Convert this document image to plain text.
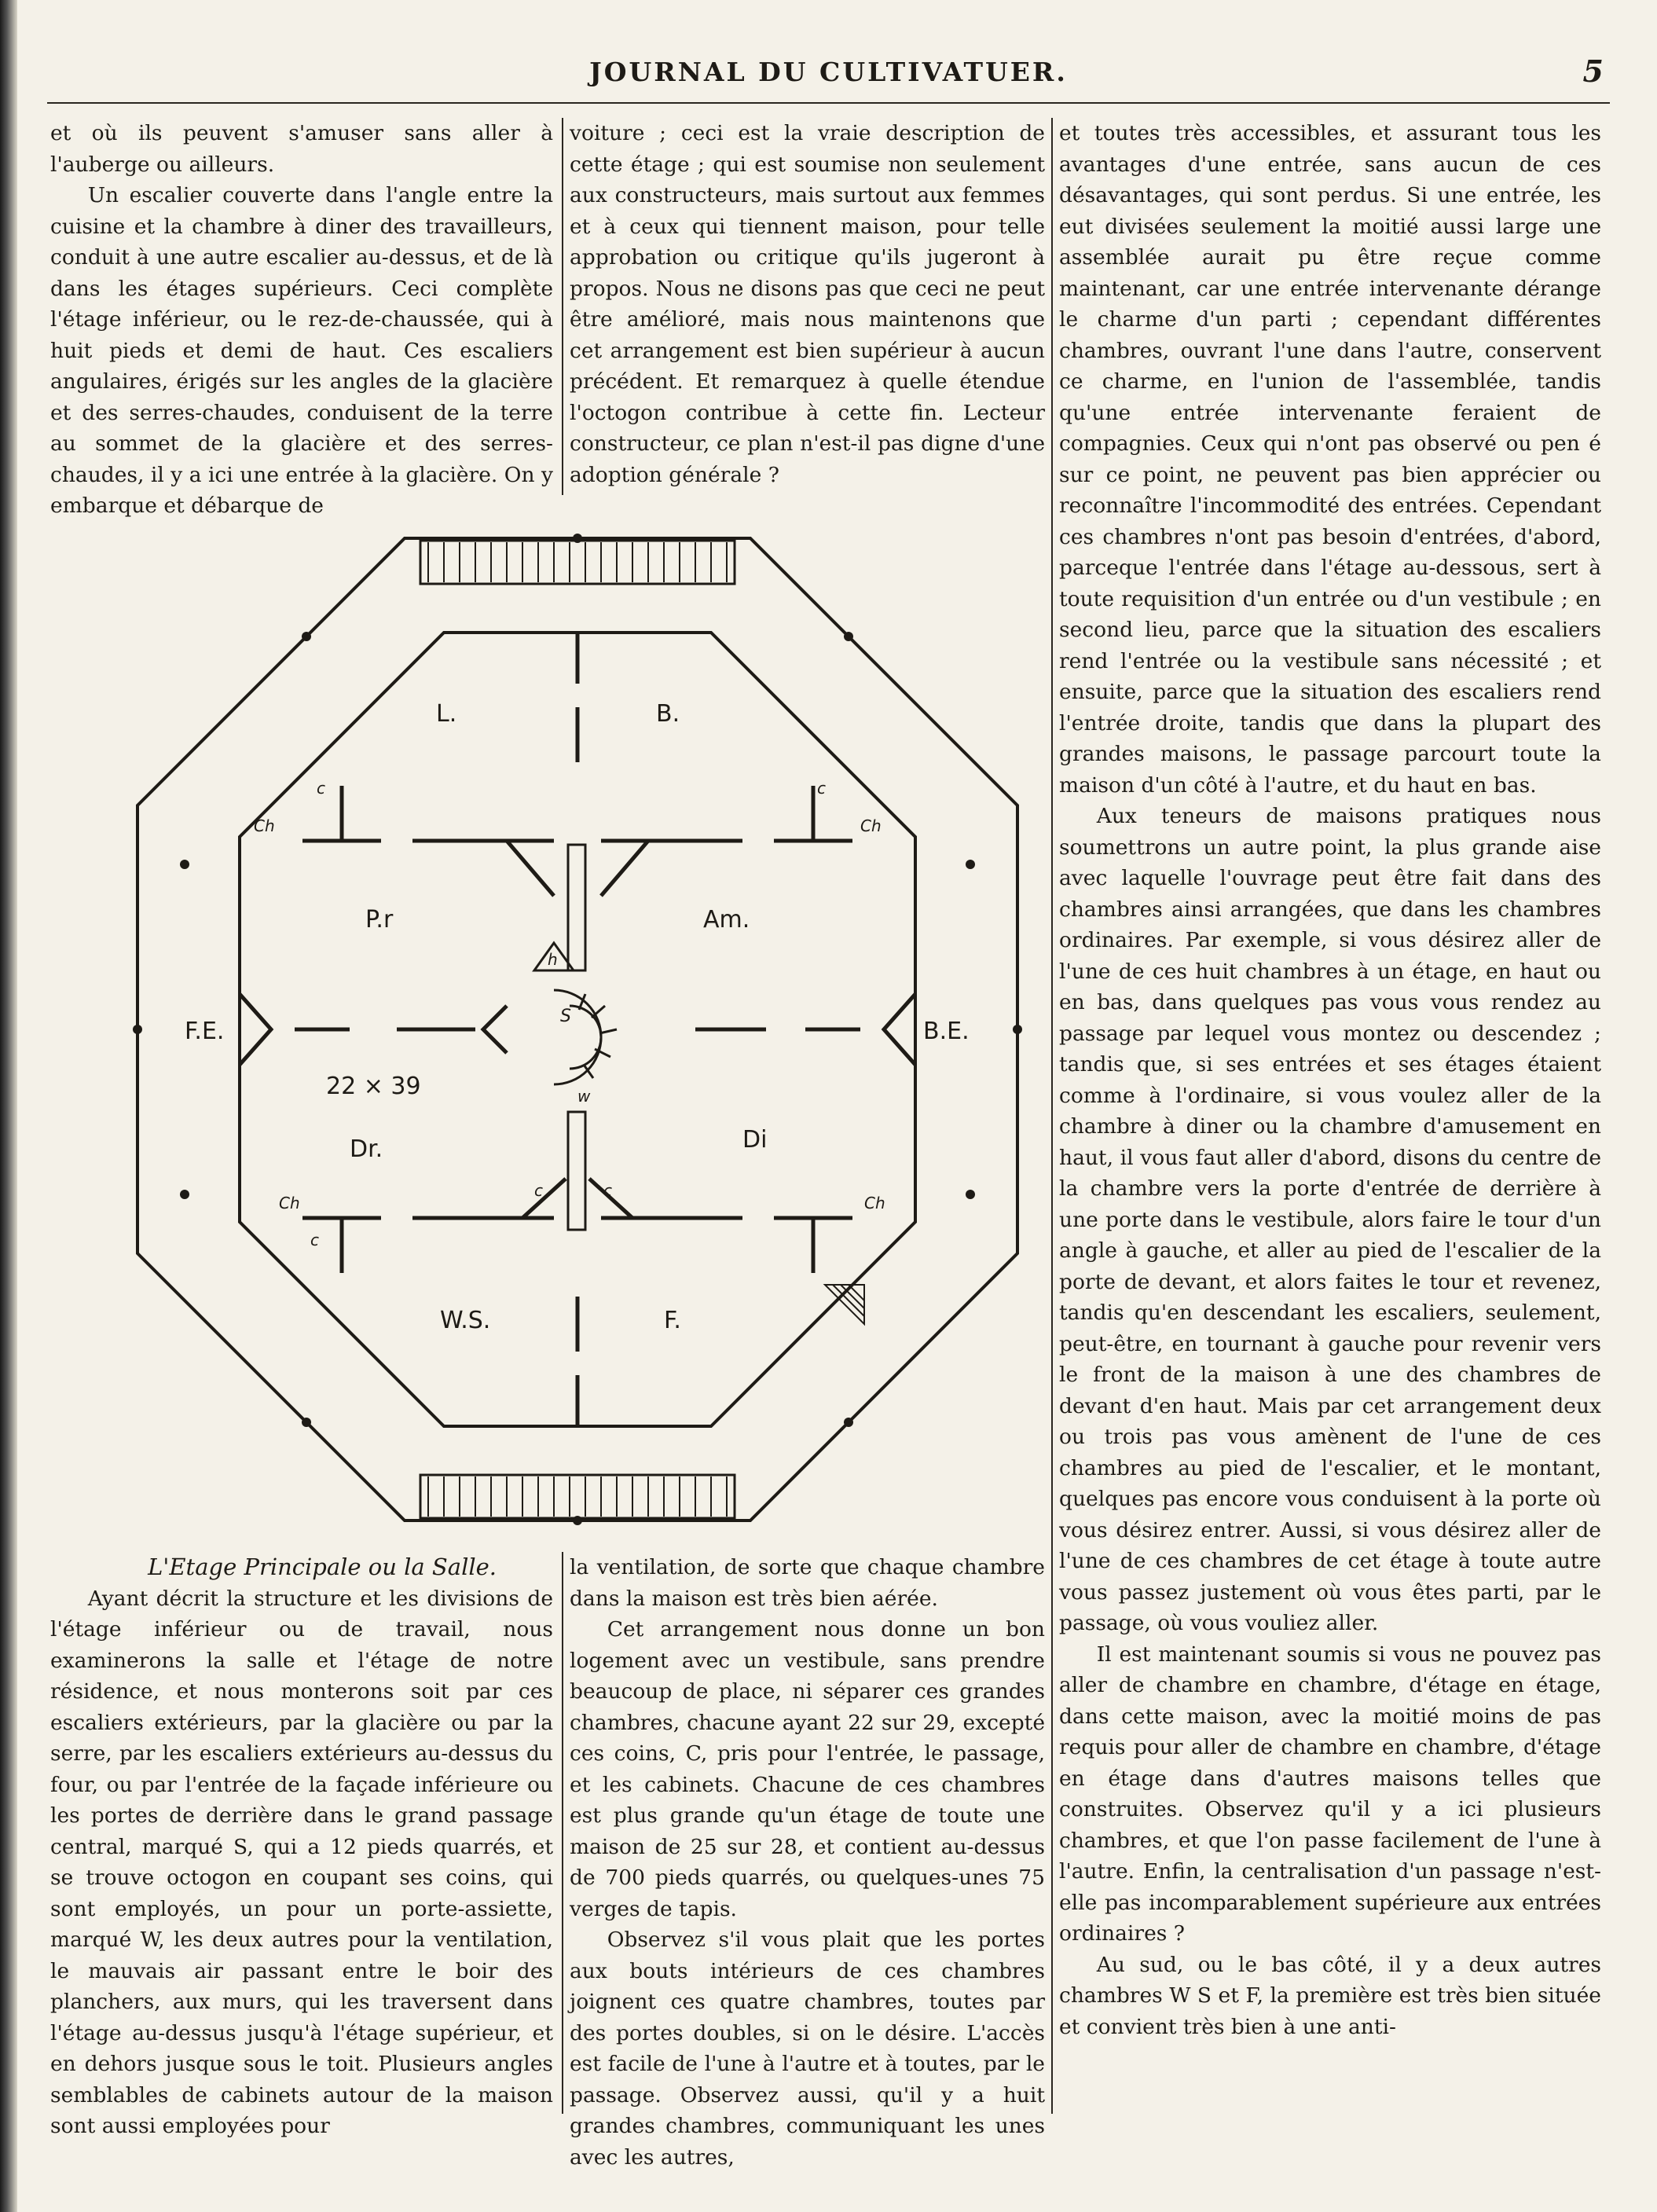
JOURNAL DU CULTIVATUER.	5

et où ils peuvent s'amuser sans aller à l'auberge ou ailleurs.

Un escalier couverte dans l'angle entre la cuisine et la chambre à diner des travailleurs, conduit à une autre escalier au-dessus, et de là dans les étages supérieurs. Ceci complète l'étage inférieur, ou le rez-de-chaussée, qui à huit pieds et demi de haut. Ces escaliers angulaires, érigés sur les angles de la glacière et des serres-chaudes, conduisent de la terre au sommet de la glacière et des serres-chaudes, il y a ici une entrée à la glacière. On y embarque et débarque de

voiture ; ceci est la vraie description de cette étage ; qui est soumise non seulement aux constructeurs, mais surtout aux femmes et à ceux qui tiennent maison, pour telle approbation ou critique qu'ils jugeront à propos. Nous ne disons pas que ceci ne peut être amélioré, mais nous maintenons que cet arrangement est bien supérieur à aucun précédent. Et remarquez à quelle étendue l'octogon contribue à cette fin. Lecteur constructeur, ce plan n'est-il pas digne d'une adoption générale ?

et toutes très accessibles, et assurant tous les avantages d'une entrée, sans aucun de ces désavantages, qui sont perdus. Si une entrée, les eut divisées seulement la moitié aussi large une assemblée aurait pu être reçue comme maintenant, car une entrée intervenante dérange le charme d'un parti ; cependant différentes chambres, ouvrant l'une dans l'autre, conservent ce charme, en l'union de l'assemblée, tandis qu'une entrée intervenante feraient de compagnies. Ceux qui n'ont pas observé ou pen é sur ce point, ne peuvent pas bien apprécier ou reconnaître l'incommodité des entrées. Cependant ces chambres n'ont pas besoin d'entrées, d'abord, parceque l'entrée dans l'étage au-dessous, sert à toute requisition d'un entrée ou d'un vestibule ; en second lieu, parce que la situation des escaliers rend l'entrée ou la vestibule sans nécessité ; et ensuite, parce que la situation des escaliers rend l'entrée droite, tandis que dans la plupart des grandes maisons, le passage parcourt toute la maison d'un côté à l'autre, et du haut en bas.

Aux teneurs de maisons pratiques nous soumettrons un autre point, la plus grande aise avec laquelle l'ouvrage peut être fait dans des chambres ainsi arrangées, que dans les chambres ordinaires. Par exemple, si vous désirez aller de l'une de ces huit chambres à un étage, en haut ou en bas, dans quelques pas vous vous rendez au passage par lequel vous montez ou descendez ; tandis que, si ses entrées et ses étages étaient comme à l'ordinaire, si vous voulez aller de la chambre à diner ou la chambre d'amusement en haut, il vous faut aller d'abord, disons du centre de la chambre vers la porte d'entrée de derrière à une porte dans le vestibule, alors faire le tour d'un angle à gauche, et aller au pied de l'escalier de la porte de devant, et alors faites le tour et revenez, tandis qu'en descendant les escaliers, seulement, peut-être, en tournant à gauche pour revenir vers le front de la maison à une des chambres de devant d'en haut. Mais par cet arrangement deux ou trois pas vous amènent de l'une de ces chambres au pied de l'escalier, et le montant, quelques pas encore vous conduisent à la porte où vous désirez entrer. Aussi, si vous désirez aller de l'une de ces chambres de cet étage à toute autre vous passez justement où vous êtes parti, par le passage, où vous vouliez aller.

Il est maintenant soumis si vous ne pouvez pas aller de chambre en chambre, d'étage en étage, dans cette maison, avec la moitié moins de pas requis pour aller de chambre en chambre, d'étage en étage dans d'autres maisons telles que construites. Observez qu'il y a ici plusieurs chambres, et que l'on passe facilement de l'une à l'autre. Enfin, la centralisation d'un passage n'est-elle pas incomparablement supérieure aux entrées ordinaires ?

Au sud, ou le bas côté, il y a deux autres chambres W S et F, la première est très bien située et convient très bien à une anti-

L.	B.
P.r	Am.
F.E.	B.E.
22 × 39
Dr.	Di
W.S.	F.
S
c	c
Ch	Ch
Ch	Ch
c
c	c
h
w

L'Etage Principale ou la Salle.

Ayant décrit la structure et les divisions de l'étage inférieur ou de travail, nous examinerons la salle et l'étage de notre résidence, et nous monterons soit par ces escaliers extérieurs, par la glacière ou par la serre, par les escaliers extérieurs au-dessus du four, ou par l'entrée de la façade inférieure ou les portes de derrière dans le grand passage central, marqué S, qui a 12 pieds quarrés, et se trouve octogon en coupant ses coins, qui sont employés, un pour un porte-assiette, marqué W, les deux autres pour la ventilation, le mauvais air passant entre le boir des planchers, aux murs, qui les traversent dans l'étage au-dessus jusqu'à l'étage supérieur, et en dehors jusque sous le toit. Plusieurs angles semblables de cabinets autour de la maison sont aussi employées pour

la ventilation, de sorte que chaque chambre dans la maison est très bien aérée.

Cet arrangement nous donne un bon logement avec un vestibule, sans prendre beaucoup de place, ni séparer ces grandes chambres, chacune ayant 22 sur 29, excepté ces coins, C, pris pour l'entrée, le passage, et les cabinets. Chacune de ces chambres est plus grande qu'un étage de toute une maison de 25 sur 28, et contient au-dessus de 700 pieds quarrés, ou quelques-unes 75 verges de tapis.

Observez s'il vous plait que les portes aux bouts intérieurs de ces chambres joignent ces quatre chambres, toutes par des portes doubles, si on le désire. L'accès est facile de l'une à l'autre et à toutes, par le passage. Observez aussi, qu'il y a huit grandes chambres, communiquant les unes avec les autres,
